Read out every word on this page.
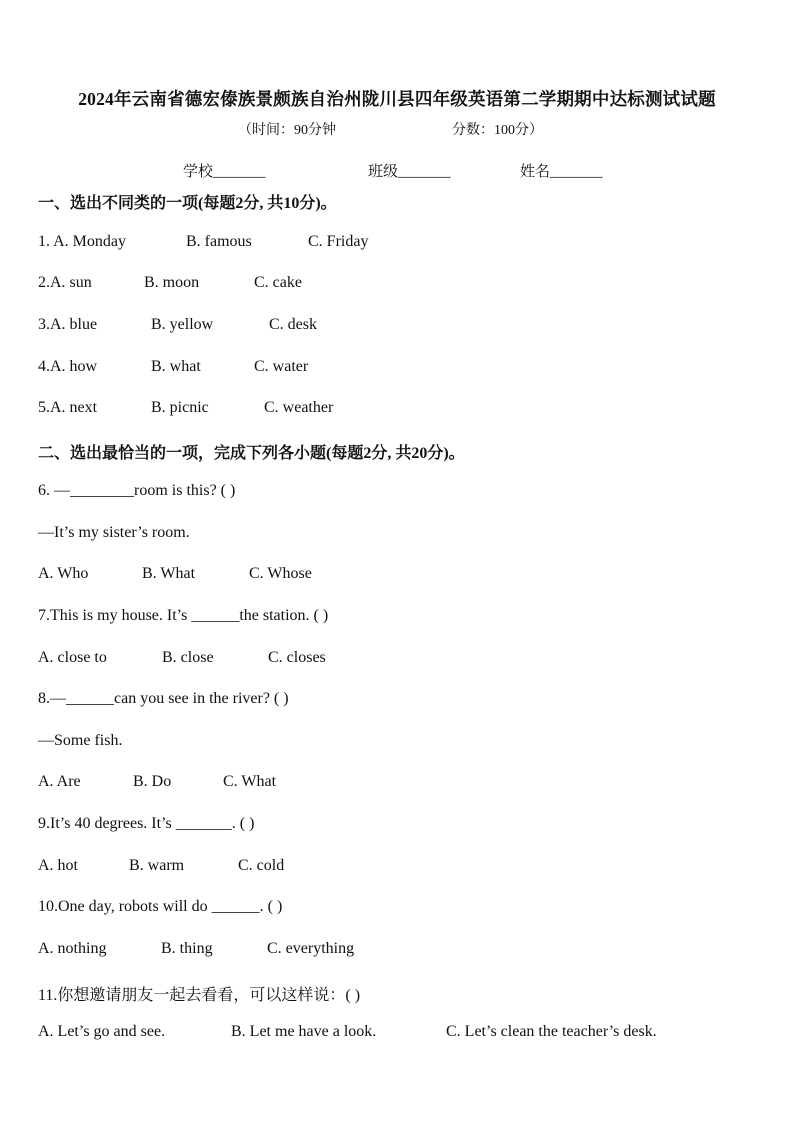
2024年云南省德宏傣族景颇族自治州陇川县四年级英语第二学期期中达标测试试题
（时间：90分钟	分数：100分）
学校_______	班级_______	姓名_______
一、选出不同类的一项(每题2分, 共10分)。
1. A. Monday	B. famous	C. Friday
2.A. sun	B. moon	C. cake
3.A. blue	B. yellow	C. desk
4.A. how	B. what	C. water
5.A. next	B. picnic	C. weather
二、选出最恰当的一项，完成下列各小题(每题2分, 共20分)。
6. —________room is this? ( )
—It’s my sister’s room.
A. Who	B. What	C. Whose
7.This is my house. It’s ______the station. ( )
A. close to	B. close	C. closes
8.—______can you see in the river? ( )
—Some fish.
A. Are	B. Do	C. What
9.It’s 40 degrees. It’s _______. ( )
A. hot	B. warm	C. cold
10.One day, robots will do ______. ( )
A. nothing	B. thing	C. everything
11.你想邀请朋友一起去看看，可以这样说：( )
A. Let’s go and see.	B. Let me have a look.	C. Let’s clean the teacher’s desk.
